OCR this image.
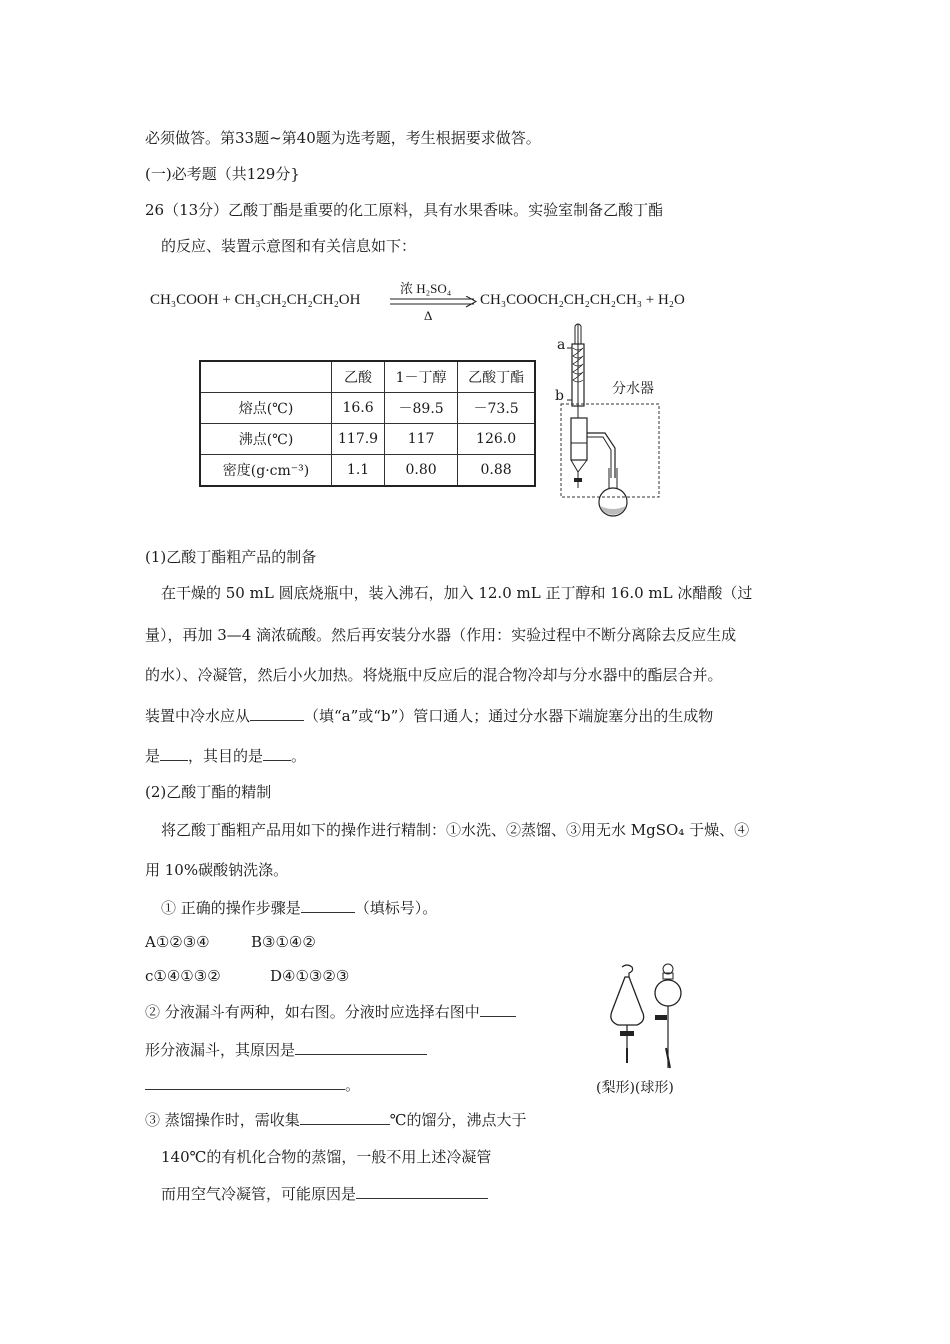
必须做答。第33题~第40题为选考题，考生根据要求做答。
(一)必考题（共129分}
26（13分）乙酸丁酯是重要的化工原料，具有水果香味。实验室制备乙酸丁酯
的反应、装置示意图和有关信息如下：
CH₃COOH + CH₃CH₂CH₂CH₂OH
浓 H₂SO₄
Δ
CH₃COOCH₂CH₂CH₂CH₃ + H₂O
	乙酸	1－丁醇	乙酸丁酯
熔点(℃)	16.6	－89.5	－73.5
沸点(℃)	117.9	117	126.0
密度(g·cm⁻³)	1.1	0.80	0.88
a
b	分水器
(1)乙酸丁酯粗产品的制备
在干燥的 50 mL 圆底烧瓶中，装入沸石，加入 12.0 mL 正丁醇和 16.0 mL 冰醋酸（过
量），再加 3—4 滴浓硫酸。然后再安装分水器（作用：实验过程中不断分离除去反应生成
的水）、冷凝管，然后小火加热。将烧瓶中反应后的混合物冷却与分水器中的酯层合并。
装置中冷水应从	（填“a”或“b”）管口通人；通过分水器下端旋塞分出的生成物
是 ，其目的是 。
(2)乙酸丁酯的精制
将乙酸丁酯粗产品用如下的操作进行精制：①水洗、②蒸馏、③用无水 MgSO₄ 于燥、④
用 10%碳酸钠洗涤。
① 正确的操作步骤是	（填标号）。
A①②③④	B③①④②
c①④①③②	D④①③②③
② 分液漏斗有两种，如右图。分液时应选择右图中
形分液漏斗，其原因是
。	(梨形)(球形)
③ 蒸馏操作时，需收集	℃的馏分，沸点大于
140℃的有机化合物的蒸馏，一般不用上述冷凝管
而用空气冷凝管，可能原因是
